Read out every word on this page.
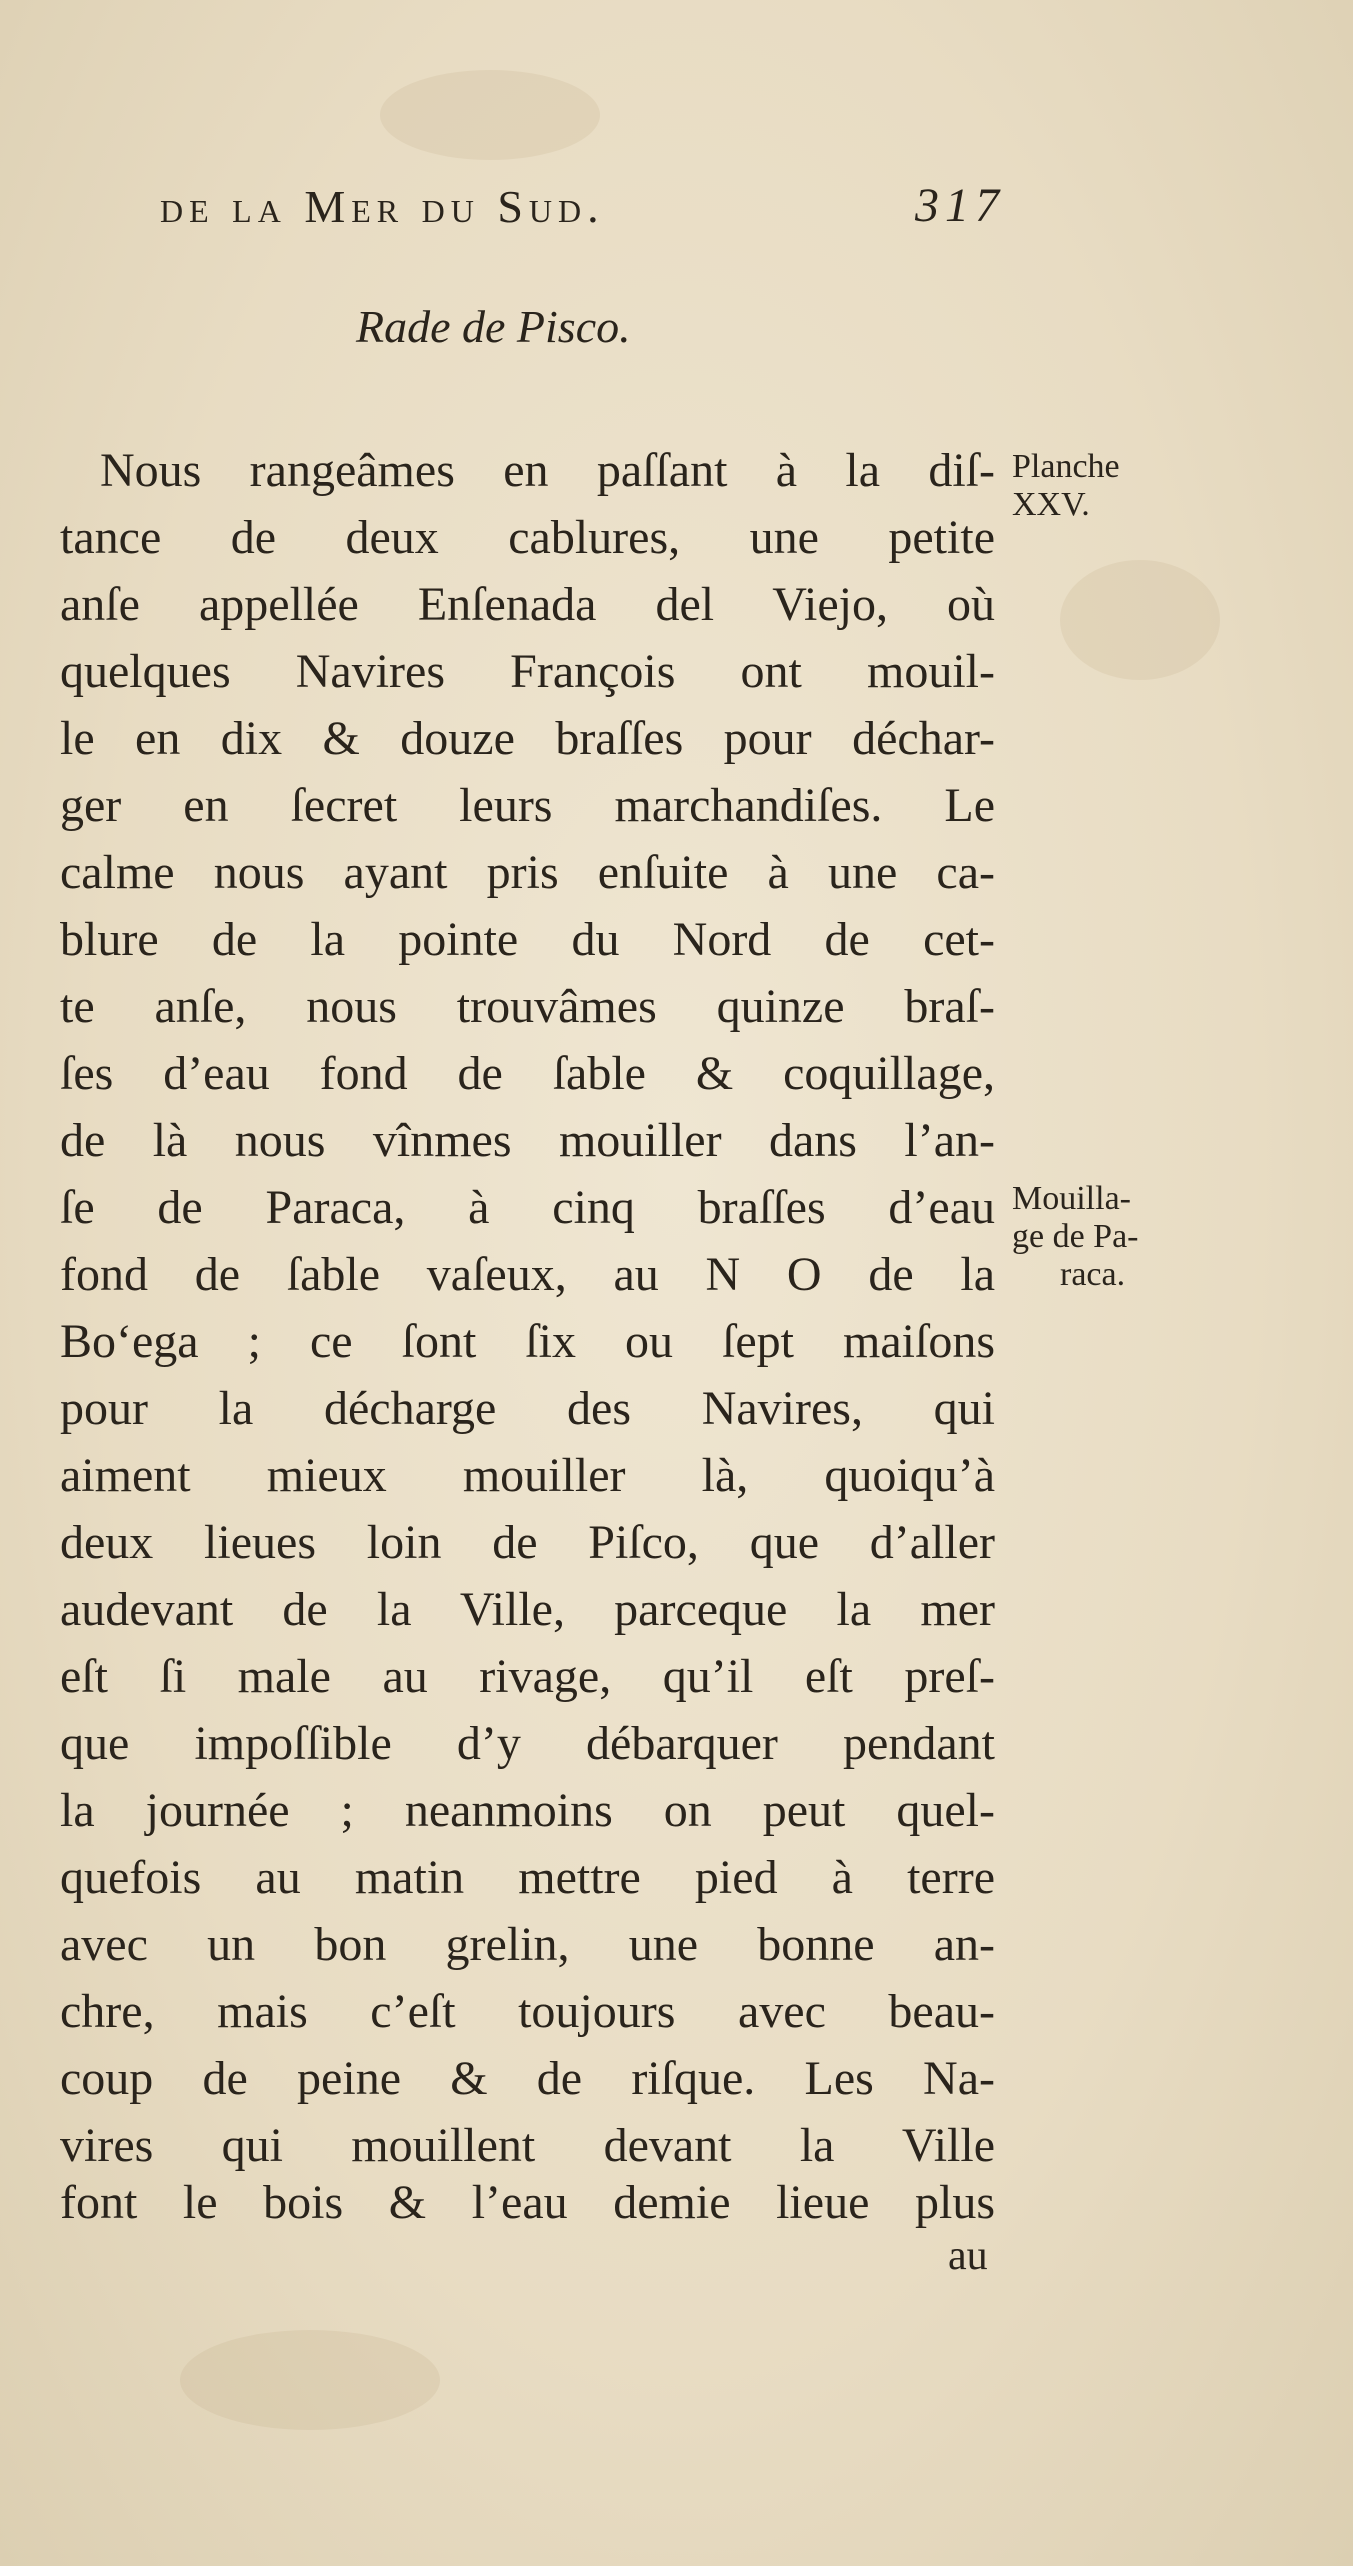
de la Mer du Sud.	317
Rade de Pisco.
Nous rangeâmes en paſſant à la diſ-
tance de deux cablures, une petite
anſe appellée Enſenada del Viejo, où
quelques Navires François ont mouil-
le en dix & douze braſſes pour déchar-
ger en ſecret leurs marchandiſes. Le
calme nous ayant pris enſuite à une ca-
blure de la pointe du Nord de cet-
te anſe, nous trouvâmes quinze braſ-
ſes d’eau fond de ſable & coquillage,
de là nous vînmes mouiller dans l’an-
ſe de Paraca, à cinq braſſes d’eau
fond de ſable vaſeux, au N O de la
Bo‘ega ; ce ſont ſix ou ſept maiſons
pour la décharge des Navires, qui
aiment mieux mouiller là, quoiqu’à
deux lieues loin de Piſco, que d’aller
audevant de la Ville, parceque la mer
eſt ſi male au rivage, qu’il eſt preſ-
que impoſſible d’y débarquer pendant
la journée ; neanmoins on peut quel-
quefois au matin mettre pied à terre
avec un bon grelin, une bonne an-
chre, mais c’eſt toujours avec beau-
coup de peine & de riſque. Les Na-
vires qui mouillent devant la Ville
font le bois & l’eau demie lieue plus
au
Planche
XXV.
Mouilla-
ge de Pa-
raca.
